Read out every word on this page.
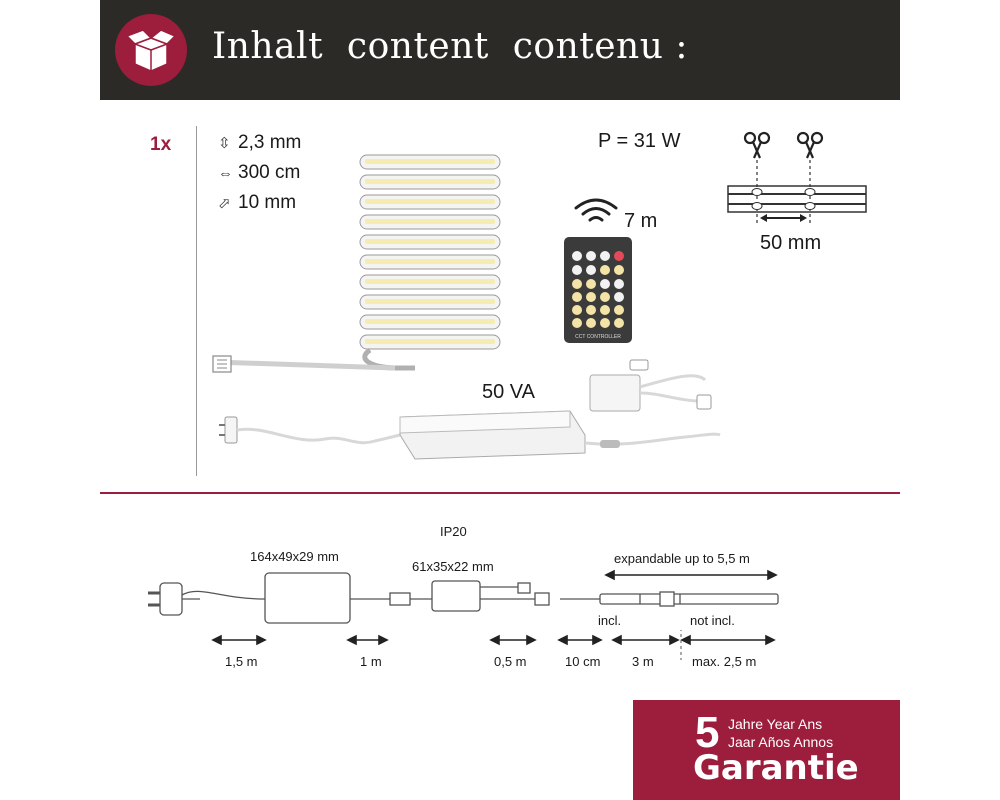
Inhalt  content  contenu :
1x	⇳ 2,3 mm
⇔ 300 cm
⬀ 10 mm
P = 31 W
7 m
CCT CONTROLLER
50 mm
50 VA
IP20
164x49x29 mm
61x35x22 mm
expandable up to 5,5 m
incl.	not incl.
1,5 m	1 m	0,5 m	10 cm 3 m	max. 2,5 m
5 Jahre Year Ans
Jaar Años Annos
Garantie
